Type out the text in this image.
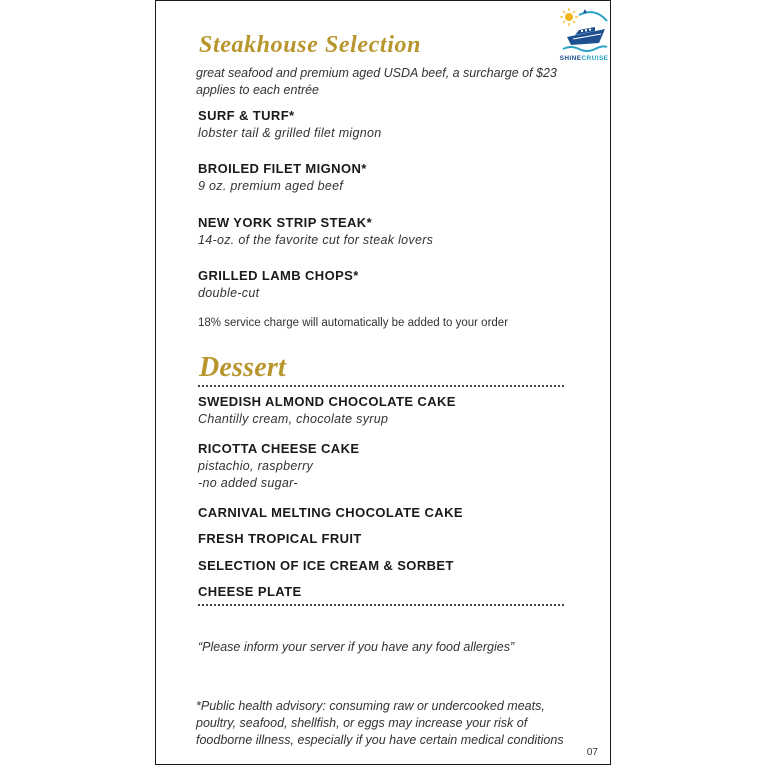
SHINECRUISE
Steakhouse Selection
great seafood and premium aged USDA beef, a surcharge of $23
applies to each entrée
SURF & TURF*
lobster tail & grilled filet mignon
BROILED FILET MIGNON*
9 oz. premium aged beef
NEW YORK STRIP STEAK*
14-oz. of the favorite cut for steak lovers
GRILLED LAMB CHOPS*
double-cut
18% service charge will automatically be added to your order
Dessert
SWEDISH ALMOND CHOCOLATE CAKE
Chantilly cream, chocolate syrup
RICOTTA CHEESE CAKE
pistachio, raspberry
-no added sugar-
CARNIVAL MELTING CHOCOLATE CAKE
FRESH TROPICAL FRUIT
SELECTION OF ICE CREAM & SORBET
CHEESE PLATE
“Please inform your server if you have any food allergies”
*Public health advisory: consuming raw or undercooked meats,
poultry, seafood, shellfish, or eggs may increase your risk of
foodborne illness, especially if you have certain medical conditions
07
